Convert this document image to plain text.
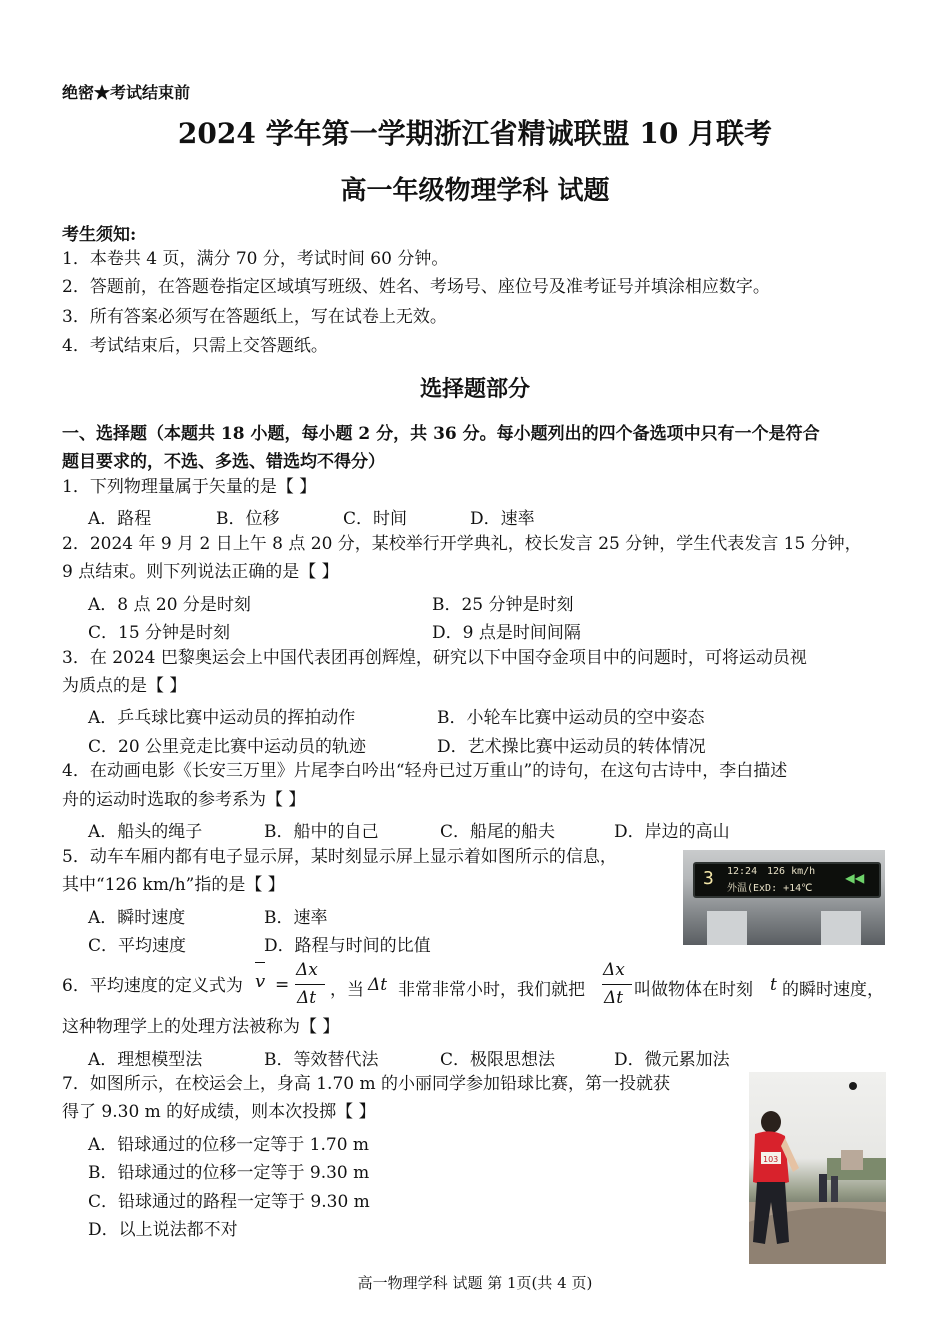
绝密★考试结束前
2024 学年第一学期浙江省精诚联盟 10 月联考
高一年级物理学科 试题
考生须知:
1．本卷共 4 页，满分 70 分，考试时间 60 分钟。
2．答题前，在答题卷指定区域填写班级、姓名、考场号、座位号及准考证号并填涂相应数字。
3．所有答案必须写在答题纸上，写在试卷上无效。
4．考试结束后，只需上交答题纸。
选择题部分
一、选择题（本题共 18 小题，每小题 2 分，共 36 分。每小题列出的四个备选项中只有一个是符合
题目要求的，不选、多选、错选均不得分）
1．下列物理量属于矢量的是【 】
A．路程	B．位移	C．时间	D．速率
2．2024 年 9 月 2 日上午 8 点 20 分，某校举行开学典礼，校长发言 25 分钟，学生代表发言 15 分钟，
9 点结束。则下列说法正确的是【 】
A．8 点 20 分是时刻	B．25 分钟是时刻
C．15 分钟是时刻	D．9 点是时间间隔
3．在 2024 巴黎奥运会上中国代表团再创辉煌，研究以下中国夺金项目中的问题时，可将运动员视
为质点的是【 】
A．乒乓球比赛中运动员的挥拍动作	B．小轮车比赛中运动员的空中姿态
C．20 公里竞走比赛中运动员的轨迹	D．艺术操比赛中运动员的转体情况
4．在动画电影《长安三万里》片尾李白吟出“轻舟已过万重山”的诗句，在这句古诗中，李白描述
舟的运动时选取的参考系为【 】
A．船头的绳子	B．船中的自己	C．船尾的船夫	D．岸边的高山
5．动车车厢内都有电子显示屏，某时刻显示屏上显示着如图所示的信息，
其中“126 km/h”指的是【 】
A．瞬时速度	B．速率
C．平均速度	D．路程与时间的比值
3 12:24 126 km/h
外温(ExD: +14℃
◀◀
6．平均速度的定义式为 v =
Δx
Δt ，当 Δt 非常非常小时，我们就把
Δx
Δt 叫做物体在时刻 t 的瞬时速度，
这种物理学上的处理方法被称为【 】
A．理想模型法	B．等效替代法	C．极限思想法	D．微元累加法
7．如图所示，在校运会上，身高 1.70 m 的小丽同学参加铅球比赛，第一投就获
得了 9.30 m 的好成绩，则本次投掷【 】
A．铅球通过的位移一定等于 1.70 m
B．铅球通过的位移一定等于 9.30 m
C．铅球通过的路程一定等于 9.30 m
D．以上说法都不对
103
高一物理学科 试题 第 1页(共 4 页)
